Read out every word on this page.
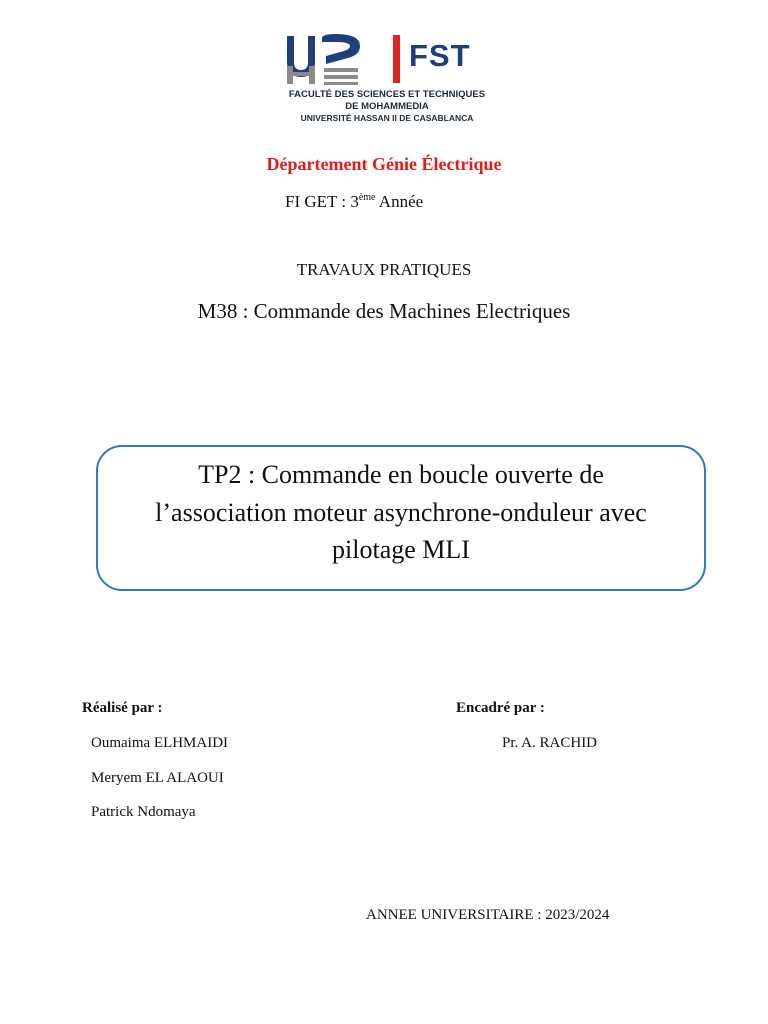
FST
FACULTÉ DES SCIENCES ET TECHNIQUES
DE MOHAMMEDIA
UNIVERSITÉ HASSAN II DE CASABLANCA
Département Génie Électrique
FI GET : 3ème Année
TRAVAUX PRATIQUES
M38 : Commande des Machines Electriques
TP2 : Commande en boucle ouverte de
l’association moteur asynchrone-onduleur avec
pilotage MLI
Réalisé par :
Oumaima ELHMAIDI
Meryem EL ALAOUI
Patrick Ndomaya
Encadré par :
Pr. A. RACHID
ANNEE UNIVERSITAIRE : 2023/2024
